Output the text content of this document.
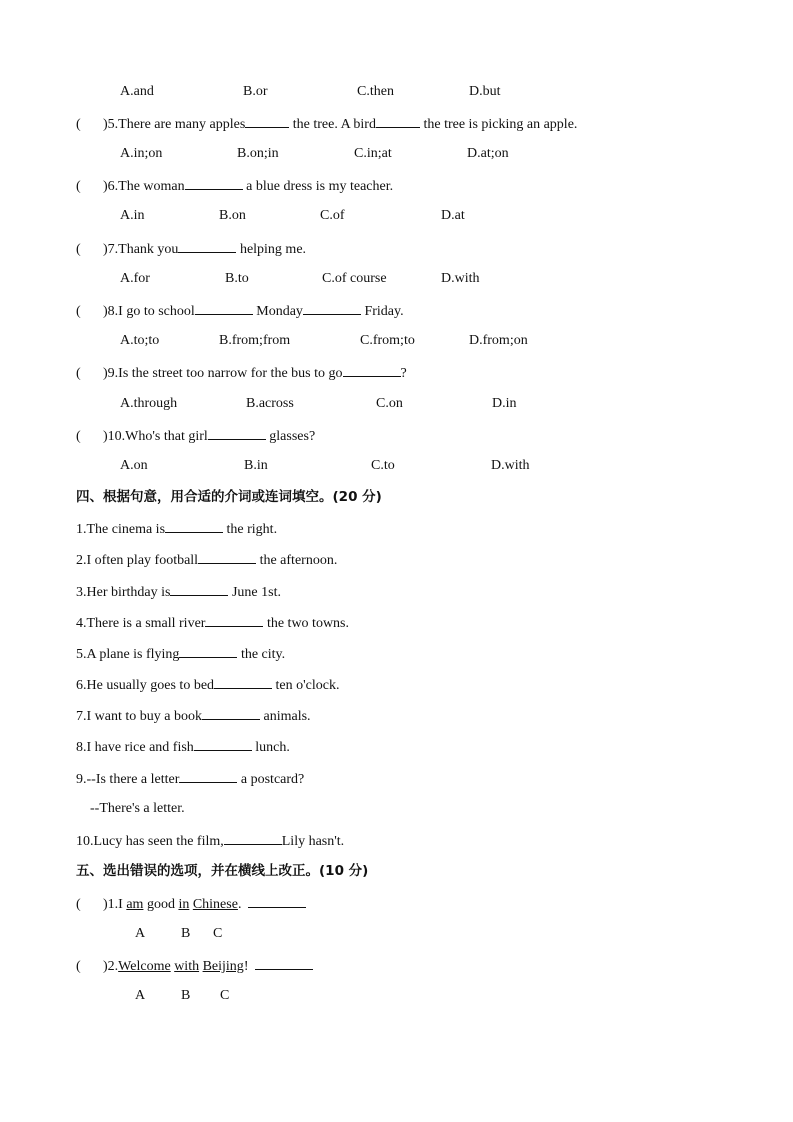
A.and	B.or	C.then	D.but
( )5.There are many apples	the tree. A bird	the tree is picking an apple.
A.in;on	B.on;in	C.in;at	D.at;on
( )6.The woman	a blue dress is my teacher.
A.in	B.on	C.of	D.at
( )7.Thank you	helping me.
A.for	B.to	C.of course	D.with
( )8.I go to school	Monday	Friday.
A.to;to	B.from;from	C.from;to	D.from;on
( )9.Is the street too narrow for the bus to go	?
A.through	B.across	C.on	D.in
( )10.Who's that girl	glasses?
A.on	B.in	C.to	D.with
四、根据句意，用合适的介词或连词填空。(20 分)
1.The cinema is	the right.
2.I often play football	the afternoon.
3.Her birthday is	June 1st.
4.There is a small river	the two towns.
5.A plane is flying	the city.
6.He usually goes to bed	ten o'clock.
7.I want to buy a book	animals.
8.I have rice and fish	lunch.
9.--Is there a letter	a postcard?
--There's a letter.
10.Lucy has seen the film,	Lily hasn't.
五、选出错误的选项，并在横线上改正。(10 分)
( )1.I am good in Chinese.
A	B C
( )2.Welcome with Beijing!
A	B C
